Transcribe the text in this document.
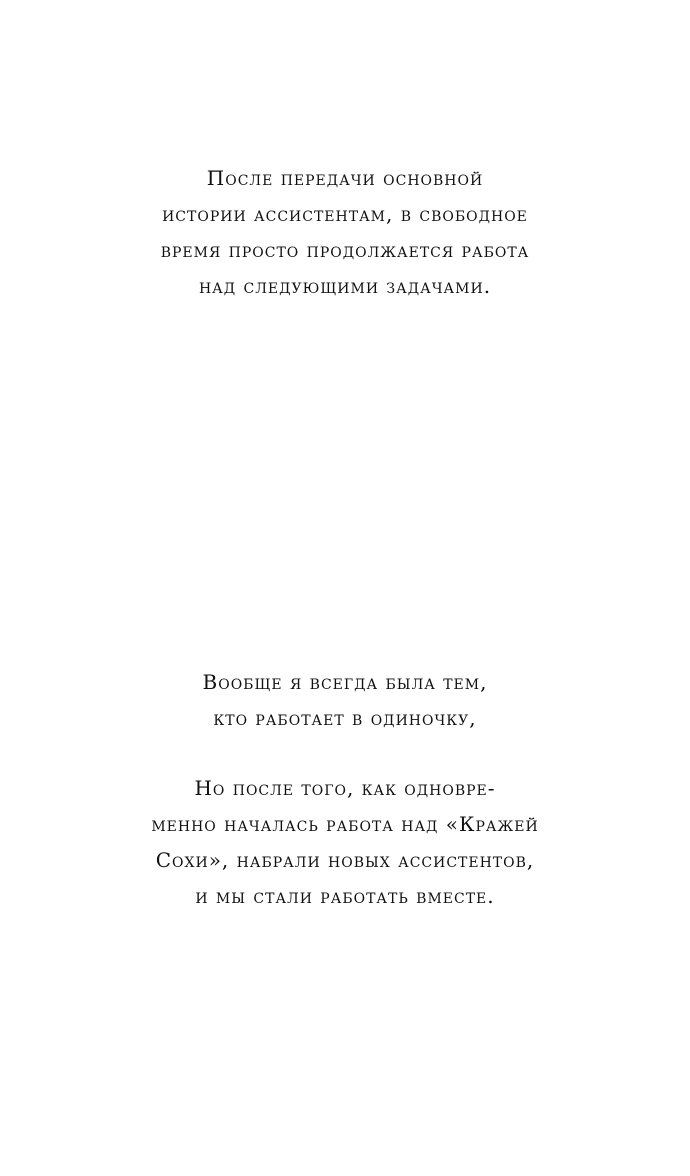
После передачи основной
истории ассистентам, в свободное
время просто продолжается работа
над следующими задачами.
Вообще я всегда была тем,
кто работает в одиночку,
Но после того, как одновре-
менно началась работа над «Кражей
Сохи», набрали новых ассистентов,
и мы стали работать вместе.
